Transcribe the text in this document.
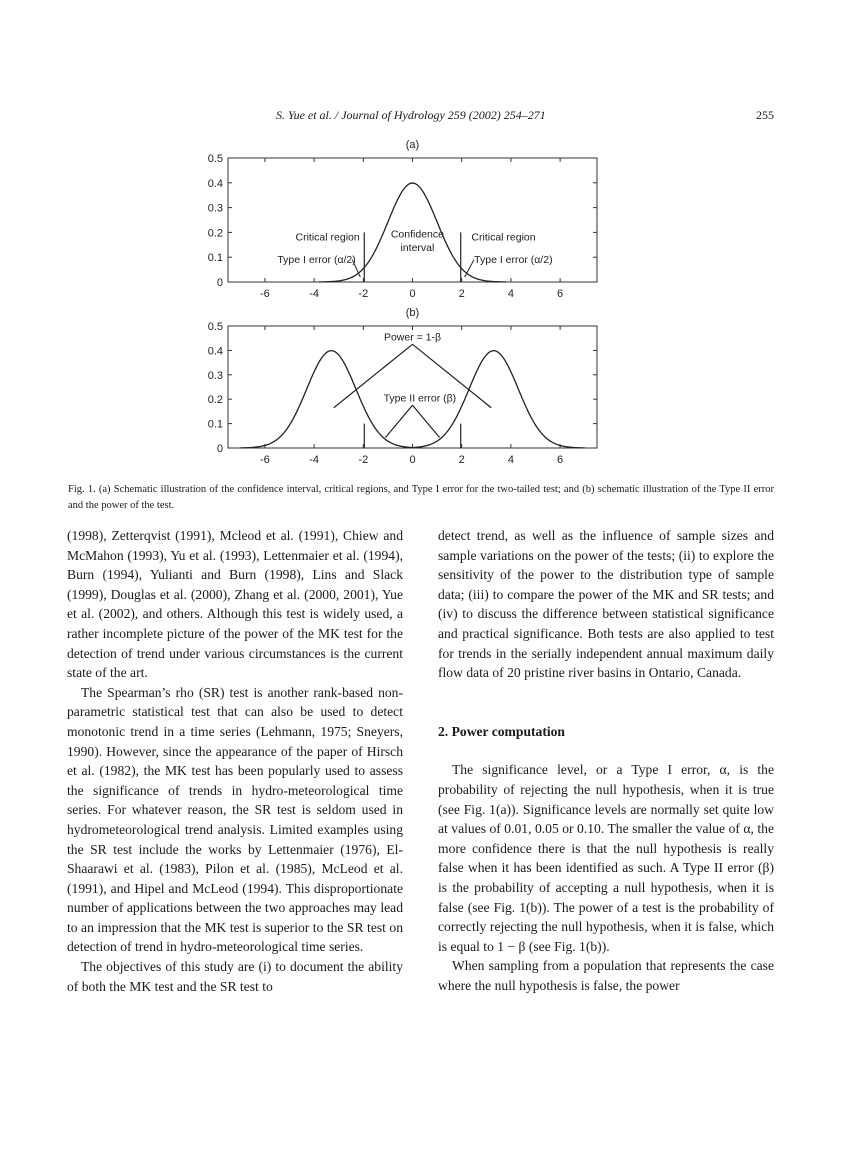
S. Yue et al. / Journal of Hydrology 259 (2002) 254–271	255
(a)
0
0.1
0.2
0.3
0.4
0.5
-6	-4	-2	0	2	4	6
Critical region
Type I error (α/2)
Confidence
interval
Critical region
Type I error (α/2)
(b)
0
0.1
0.2
0.3
0.4
0.5
-6	-4	-2	0	2	4	6
Power = 1-β
Type II error (β)
Fig. 1. (a) Schematic illustration of the confidence interval, critical regions, and Type I error for the two-tailed test; and (b) schematic illustration of the Type II error and the power of the test.

(1998), Zetterqvist (1991), Mcleod et al. (1991), Chiew and McMahon (1993), Yu et al. (1993), Lettenmaier et al. (1994), Burn (1994), Yulianti and Burn (1998), Lins and Slack (1999), Douglas et al. (2000), Zhang et al. (2000, 2001), Yue et al. (2002), and others. Although this test is widely used, a rather incomplete picture of the power of the MK test for the detection of trend under various circumstances is the current state of the art.

The Spearman’s rho (SR) test is another rank-based non-parametric statistical test that can also be used to detect monotonic trend in a time series (Lehmann, 1975; Sneyers, 1990). However, since the appearance of the paper of Hirsch et al. (1982), the MK test has been popularly used to assess the significance of trends in hydro-meteorological time series. For whatever reason, the SR test is seldom used in hydrometeorological trend analysis. Limited examples using the SR test include the works by Lettenmaier (1976), El-Shaarawi et al. (1983), Pilon et al. (1985), McLeod et al. (1991), and Hipel and McLeod (1994). This disproportionate number of applications between the two approaches may lead to an impression that the MK test is superior to the SR test on detection of trend in hydro-meteorological time series.

The objectives of this study are (i) to document the ability of both the MK test and the SR test to

detect trend, as well as the influence of sample sizes and sample variations on the power of the tests; (ii) to explore the sensitivity of the power to the distribution type of sample data; (iii) to compare the power of the MK and SR tests; and (iv) to discuss the difference between statistical significance and practical significance. Both tests are also applied to test for trends in the serially independent annual maximum daily flow data of 20 pristine river basins in Ontario, Canada.

2. Power computation

The significance level, or a Type I error, α, is the probability of rejecting the null hypothesis, when it is true (see Fig. 1(a)). Significance levels are normally set quite low at values of 0.01, 0.05 or 0.10. The smaller the value of α, the more confidence there is that the null hypothesis is really false when it has been identified as such. A Type II error (β) is the probability of accepting a null hypothesis, when it is false (see Fig. 1(b)). The power of a test is the probability of correctly rejecting the null hypothesis, when it is false, which is equal to 1 − β (see Fig. 1(b)).

When sampling from a population that represents the case where the null hypothesis is false, the power
